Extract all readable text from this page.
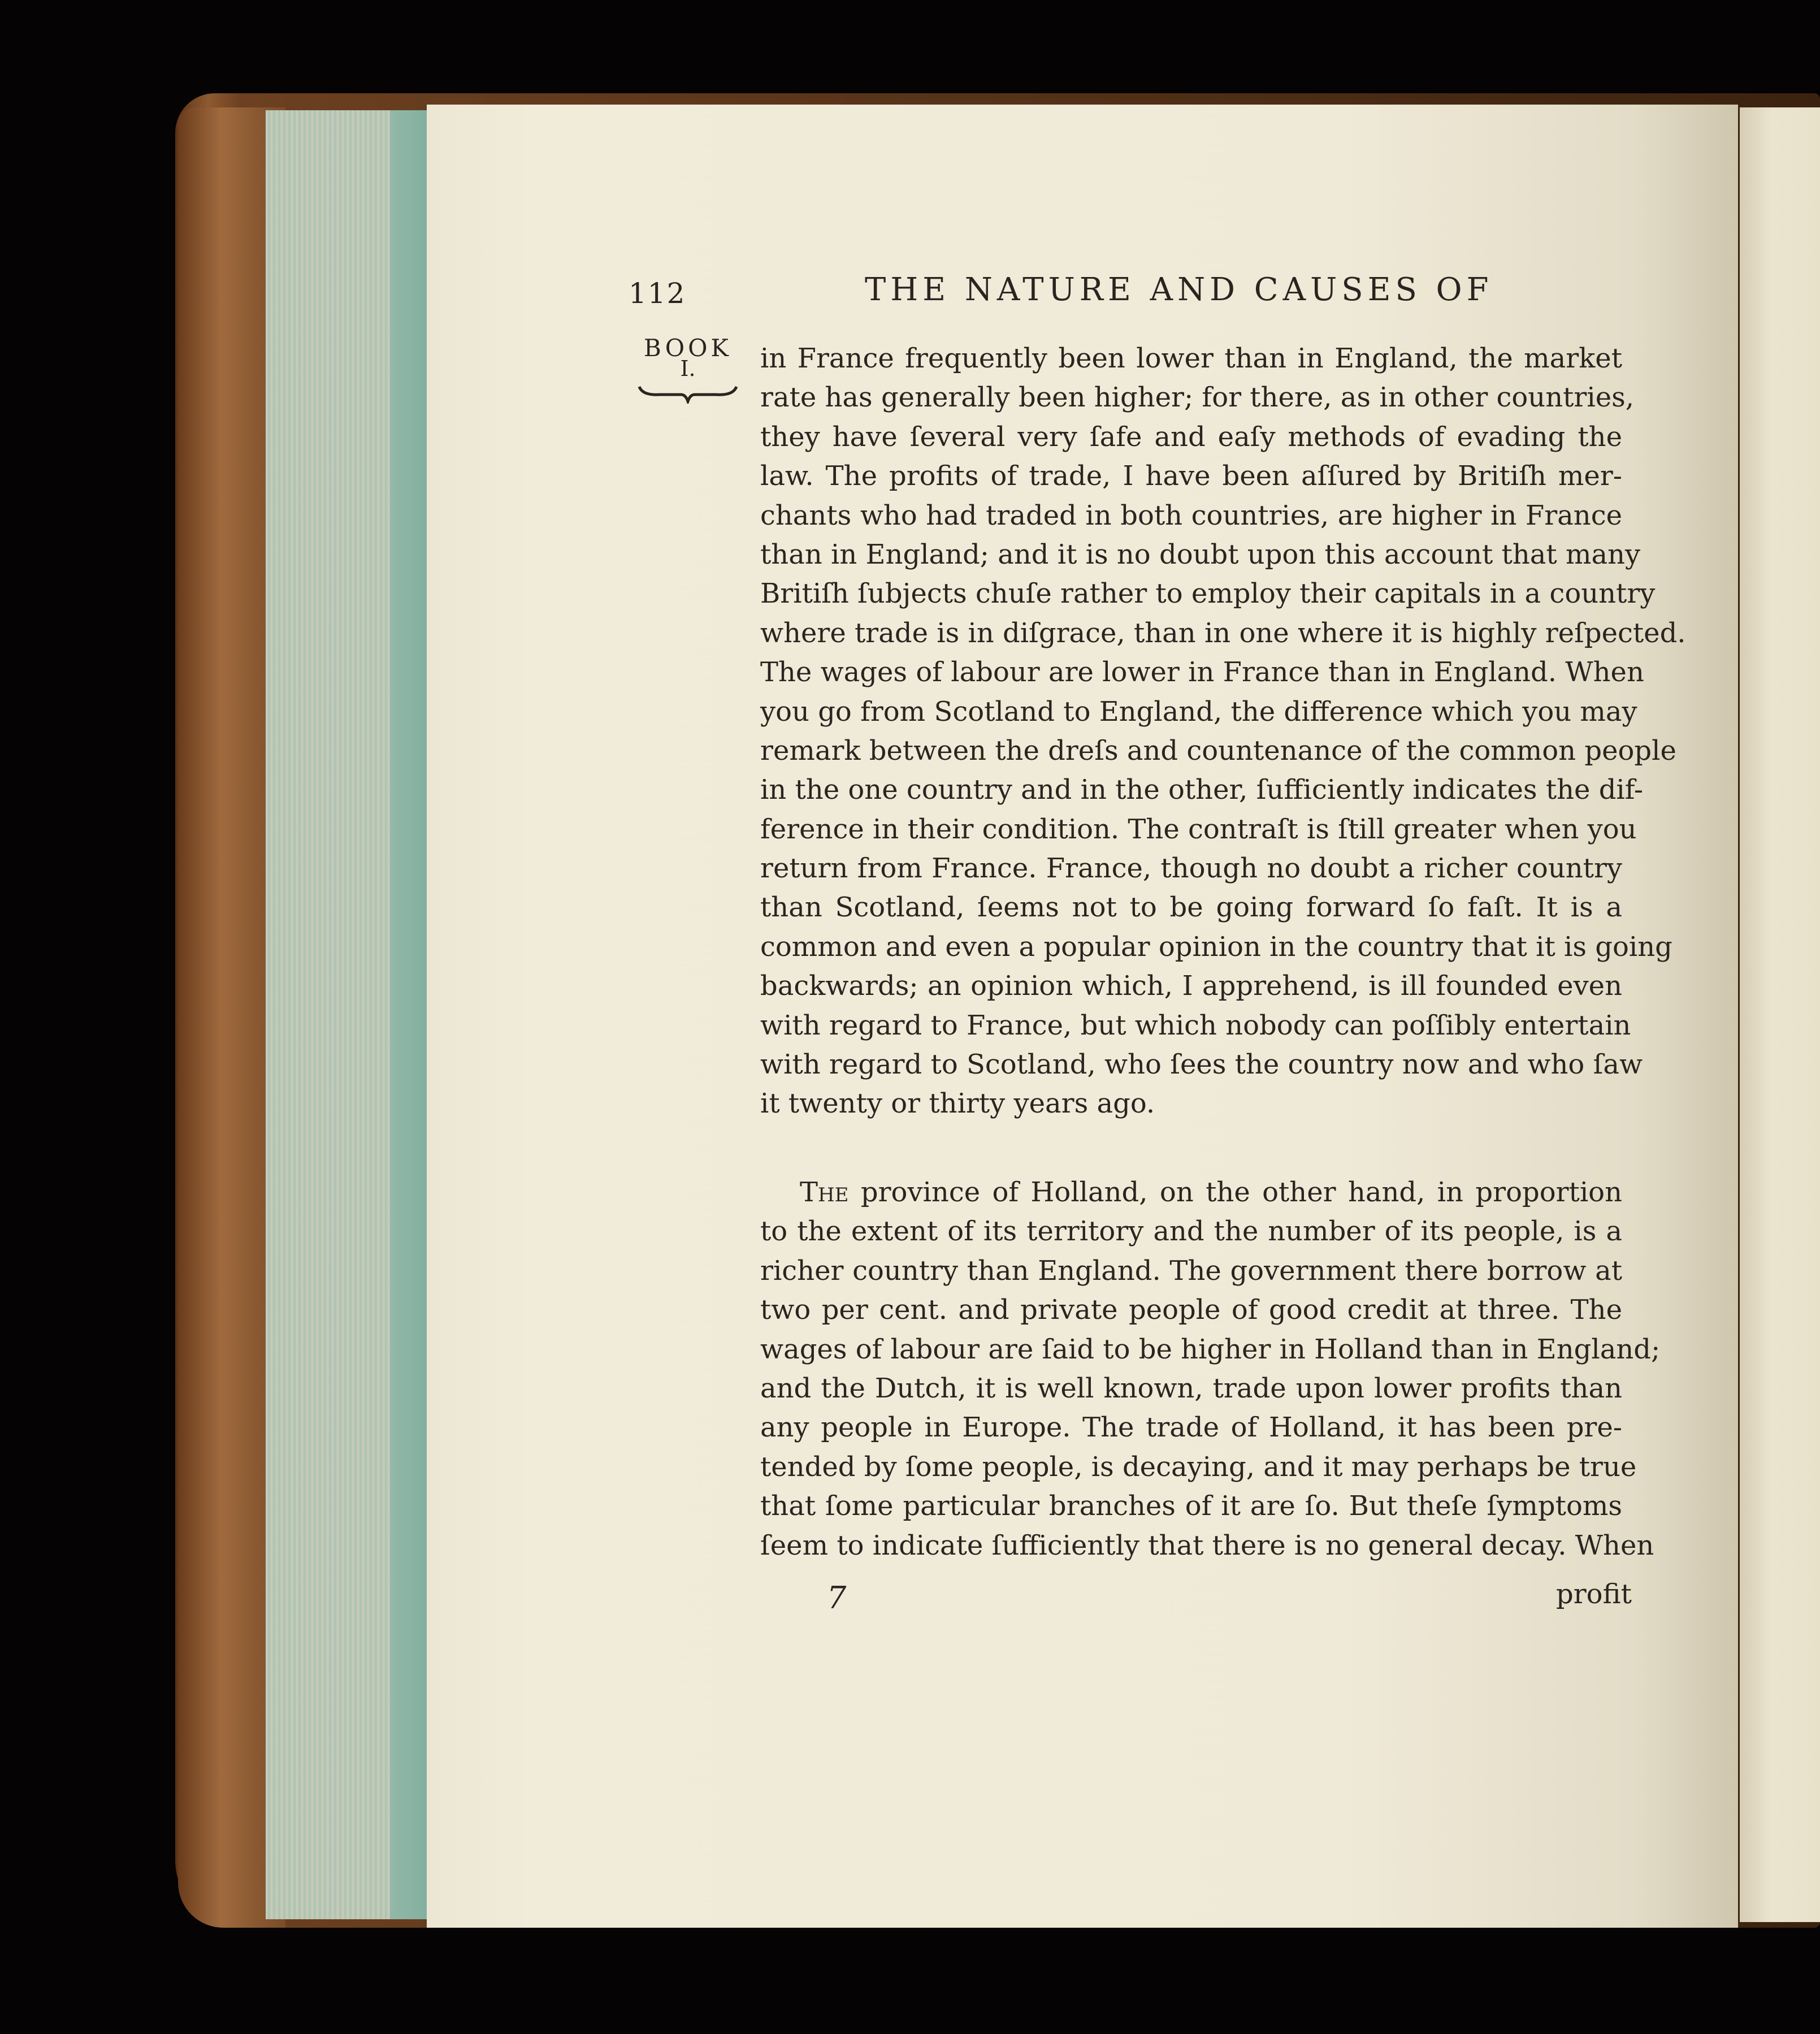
112	THE NATURE AND CAUSES OF
BOOK
I.	in France frequently been lower than in England, the market
rate has generally been higher; for there, as in other countries,
they have ſeveral very ſafe and eaſy methods of evading the
law. The profits of trade, I have been aſſured by Britiſh mer-
chants who had traded in both countries, are higher in France
than in England; and it is no doubt upon this account that many
Britiſh ſubjects chuſe rather to employ their capitals in a country
where trade is in diſgrace, than in one where it is highly reſpected.
The wages of labour are lower in France than in England. When
you go from Scotland to England, the difference which you may
remark between the dreſs and countenance of the common people
in the one country and in the other, ſufficiently indicates the dif-
ference in their condition. The contraſt is ſtill greater when you
return from France. France, though no doubt a richer country
than Scotland, ſeems not to be going forward ſo faſt. It is a
common and even a popular opinion in the country that it is going
backwards; an opinion which, I apprehend, is ill founded even
with regard to France, but which nobody can poſſibly entertain
with regard to Scotland, who ſees the country now and who ſaw
it twenty or thirty years ago.
The province of Holland, on the other hand, in proportion
to the extent of its territory and the number of its people, is a
richer country than England. The government there borrow at
two per cent. and private people of good credit at three. The
wages of labour are ſaid to be higher in Holland than in England;
and the Dutch, it is well known, trade upon lower profits than
any people in Europe. The trade of Holland, it has been pre-
tended by ſome people, is decaying, and it may perhaps be true
that ſome particular branches of it are ſo. But theſe ſymptoms
ſeem to indicate ſufficiently that there is no general decay. When
7	profit
